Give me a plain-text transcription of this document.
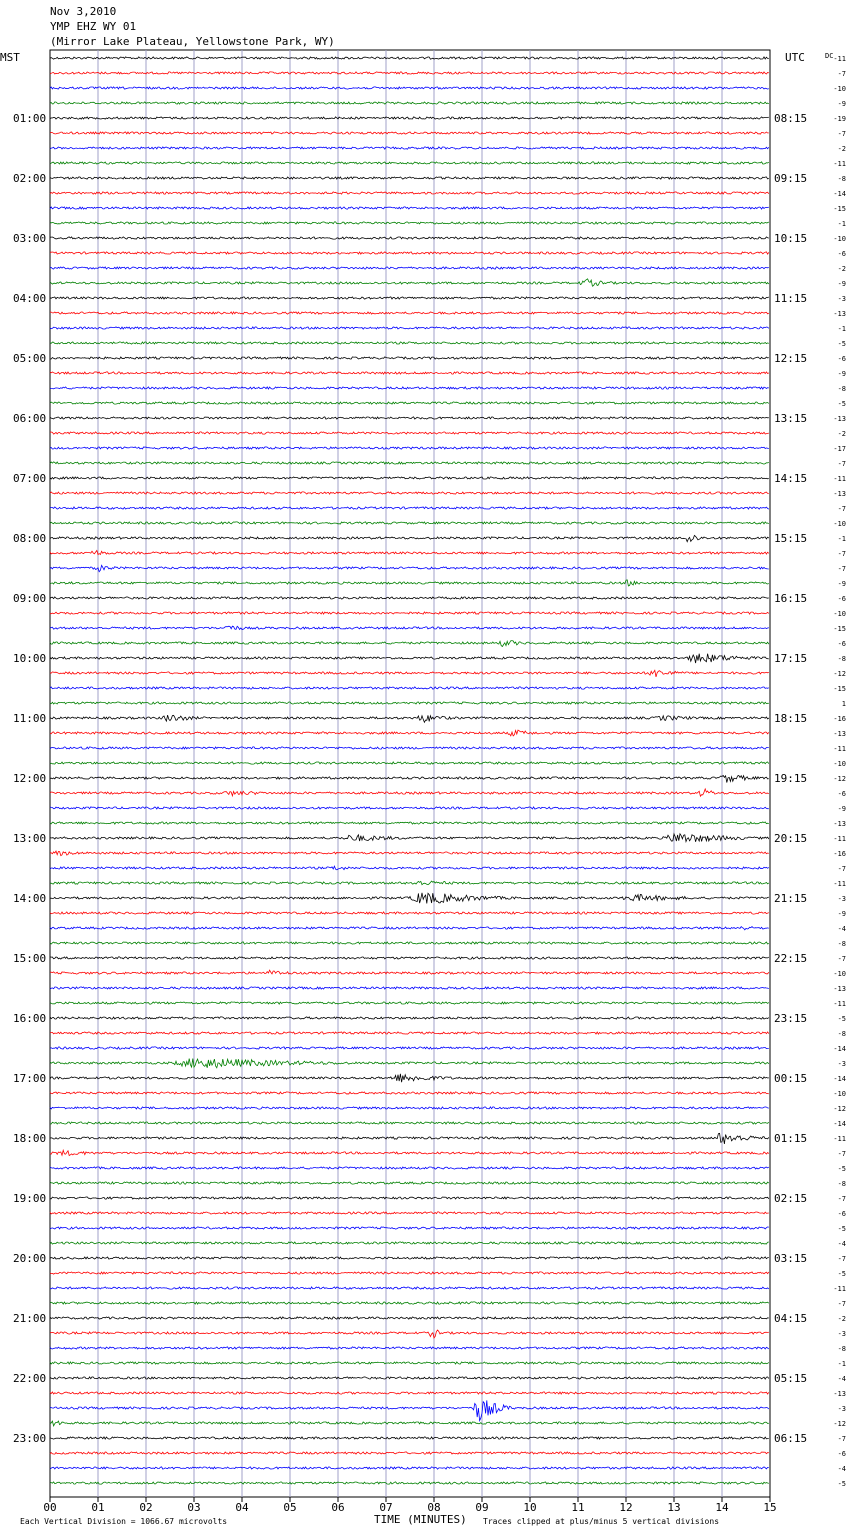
Nov 3,2010
YMP EHZ WY 01
(Mirror Lake Plateau, Yellowstone Park, WY)
MST	UTC	DC
01:00
02:00
03:00
04:00
05:00
06:00
07:00
08:00
09:00
10:00
11:00
12:00
13:00
14:00
15:00
16:00
17:00
18:00
19:00
20:00
21:00
22:00
23:00
08:15
09:15
10:15
11:15
12:15
13:15
14:15
15:15
16:15
17:15
18:15
19:15
20:15
21:15
22:15
23:15
00:15
01:15
02:15
03:15
04:15
05:15
06:15
-11
-7
-10
-9
-19
-7
-2
-11
-8
-14
-15
-1
-10
-6
-2
-9
-3
-13
-1
-5
-6
-9
-8
-5
-13
-2
-17
-7
-11
-13
-7
-10
-1
-7
-7
-9
-6
-10
-15
-6
-8
-12
-15
1
-16
-13
-11
-10
-12
-6
-9
-13
-11
-16
-7
-11
-3
-9
-4
-8
-7
-10
-13
-11
-5
-8
-14
-3
-14
-10
-12
-14
-11
-7
-5
-8
-7
-6
-5
-4
-7
-5
-11
-7
-2
-3
-8
-1
-4
-13
-3
-12
-7
-6
-4
-5
00	01	02	03	04	05	06	07	08	09	10	11	12	13	14	15
TIME (MINUTES)
Each Vertical Division = 1066.67 microvolts	Traces clipped at plus/minus 5 vertical divisions
